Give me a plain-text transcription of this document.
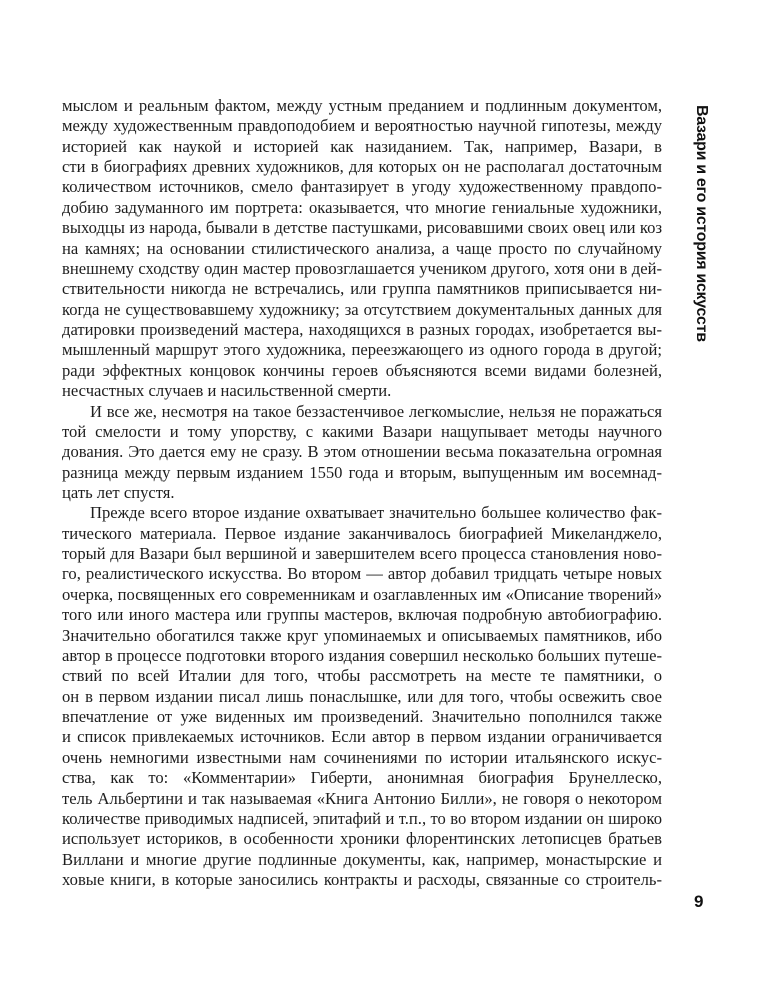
Вазари и его история искусств
мыслом и реальным фактом, между устным преданием и подлинным документом,
между художественным правдоподобием и вероятностью научной гипотезы, между
историей как наукой и историей как назиданием. Так, например, Вазари, в
сти в биографиях древних художников, для которых он не располагал достаточным
количеством источников, смело фантазирует в угоду художественному правдопо-
добию задуманного им портрета: оказывается, что многие гениальные художники,
выходцы из народа, бывали в детстве пастушками, рисовавшими своих овец или коз
на камнях; на основании стилистического анализа, а чаще просто по случайному
внешнему сходству один мастер провозглашается учеником другого, хотя они в дей-
ствительности никогда не встречались, или группа памятников приписывается ни-
когда не существовавшему художнику; за отсутствием документальных данных для
датировки произведений мастера, находящихся в разных городах, изобретается вы-
мышленный маршрут этого художника, переезжающего из одного города в другой;
ради эффектных концовок кончины героев объясняются всеми видами болезней,
несчастных случаев и насильственной смерти.
И все же, несмотря на такое беззастенчивое легкомыслие, нельзя не поражаться
той смелости и тому упорству, с какими Вазари нащупывает методы научного
дования. Это дается ему не сразу. В этом отношении весьма показательна огромная
разница между первым изданием 1550 года и вторым, выпущенным им восемнад-
цать лет спустя.
Прежде всего второе издание охватывает значительно большее количество фак-
тического материала. Первое издание заканчивалось биографией Микеланджело,
торый для Вазари был вершиной и завершителем всего процесса становления ново-
го, реалистического искусства. Во втором — автор добавил тридцать четыре новых
очерка, посвященных его современникам и озаглавленных им «Описание творений»
того или иного мастера или группы мастеров, включая подробную автобиографию.
Значительно обогатился также круг упоминаемых и описываемых памятников, ибо
автор в процессе подготовки второго издания совершил несколько больших путеше-
ствий по всей Италии для того, чтобы рассмотреть на месте те памятники, о
он в первом издании писал лишь понаслышке, или для того, чтобы освежить свое
впечатление от уже виденных им произведений. Значительно пополнился также
и список привлекаемых источников. Если автор в первом издании ограничивается
очень немногими известными нам сочинениями по истории итальянского искус-
ства, как то: «Комментарии» Гиберти, анонимная биография Брунеллеско,
тель Альбертини и так называемая «Книга Антонио Билли», не говоря о некотором
количестве приводимых надписей, эпитафий и т.п., то во втором издании он широко
использует историков, в особенности хроники флорентинских летописцев братьев
Виллани и многие другие подлинные документы, как, например, монастырские и
ховые книги, в которые заносились контракты и расходы, связанные со строитель-
9
